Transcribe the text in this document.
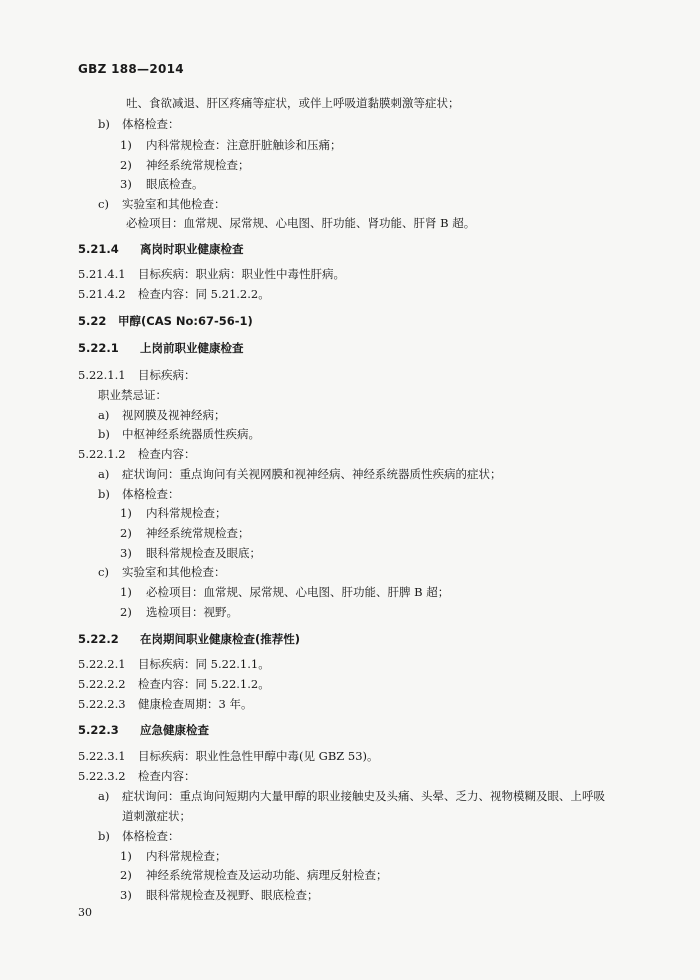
GBZ 188—2014
吐、食欲减退、肝区疼痛等症状，或伴上呼吸道黏膜刺激等症状；
b) 体格检查：
1) 内科常规检查：注意肝脏触诊和压痛；
2) 神经系统常规检查；
3) 眼底检查。
c) 实验室和其他检查：
必检项目：血常规、尿常规、心电图、肝功能、肾功能、肝肾 B 超。
5.21.4 离岗时职业健康检查
5.21.4.1 目标疾病：职业病：职业性中毒性肝病。
5.21.4.2 检查内容：同 5.21.2.2。
5.22 甲醇(CAS No:67-56-1)
5.22.1 上岗前职业健康检查
5.22.1.1 目标疾病：
职业禁忌证：
a) 视网膜及视神经病；
b) 中枢神经系统器质性疾病。
5.22.1.2 检查内容：
a) 症状询问：重点询问有关视网膜和视神经病、神经系统器质性疾病的症状；
b) 体格检查：
1) 内科常规检查；
2) 神经系统常规检查；
3) 眼科常规检查及眼底；
c) 实验室和其他检查：
1) 必检项目：血常规、尿常规、心电图、肝功能、肝脾 B 超；
2) 选检项目：视野。
5.22.2 在岗期间职业健康检查(推荐性)
5.22.2.1 目标疾病：同 5.22.1.1。
5.22.2.2 检查内容：同 5.22.1.2。
5.22.2.3 健康检查周期：3 年。
5.22.3 应急健康检查
5.22.3.1 目标疾病：职业性急性甲醇中毒(见 GBZ 53)。
5.22.3.2 检查内容：
a) 症状询问：重点询问短期内大量甲醇的职业接触史及头痛、头晕、乏力、视物模糊及眼、上呼吸
道刺激症状；
b) 体格检查：
1) 内科常规检查；
2) 神经系统常规检查及运动功能、病理反射检查；
3) 眼科常规检查及视野、眼底检查；
30
